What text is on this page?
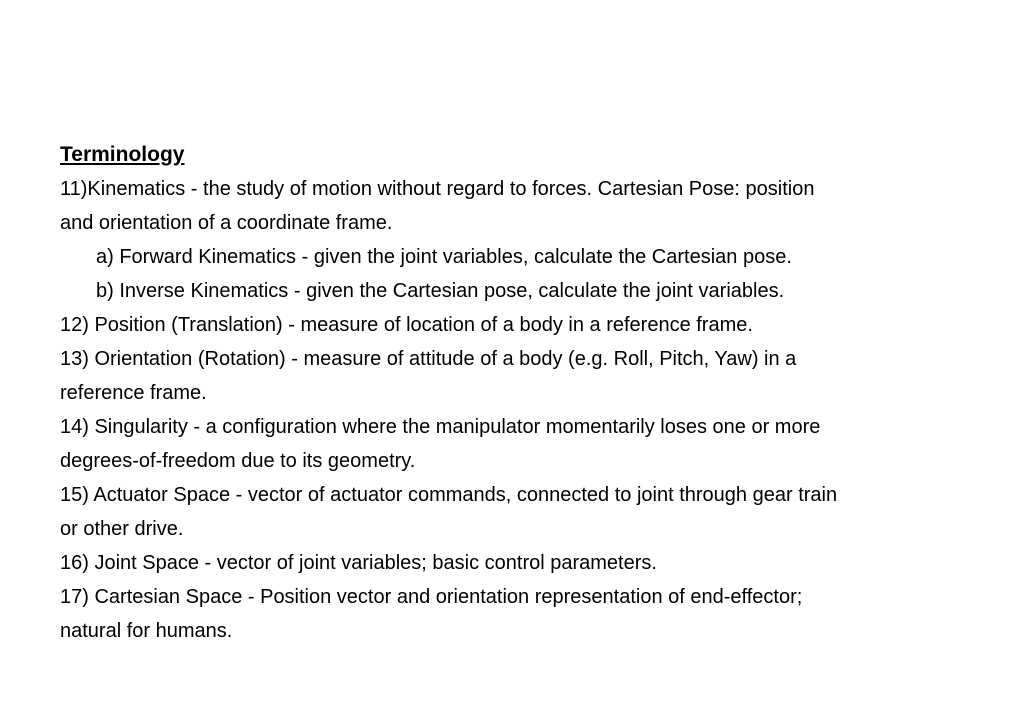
Terminology
11)Kinematics - the study of motion without regard to forces. Cartesian Pose: position
and orientation of a coordinate frame.
a) Forward Kinematics - given the joint variables, calculate the Cartesian pose.
b) Inverse Kinematics - given the Cartesian pose, calculate the joint variables.
12) Position (Translation) - measure of location of a body in a reference frame.
13) Orientation (Rotation) - measure of attitude of a body (e.g. Roll, Pitch, Yaw) in a
reference frame.
14) Singularity - a configuration where the manipulator momentarily loses one or more
degrees-of-freedom due to its geometry.
15) Actuator Space - vector of actuator commands, connected to joint through gear train
or other drive.
16) Joint Space - vector of joint variables; basic control parameters.
17) Cartesian Space - Position vector and orientation representation of end-effector;
natural for humans.
